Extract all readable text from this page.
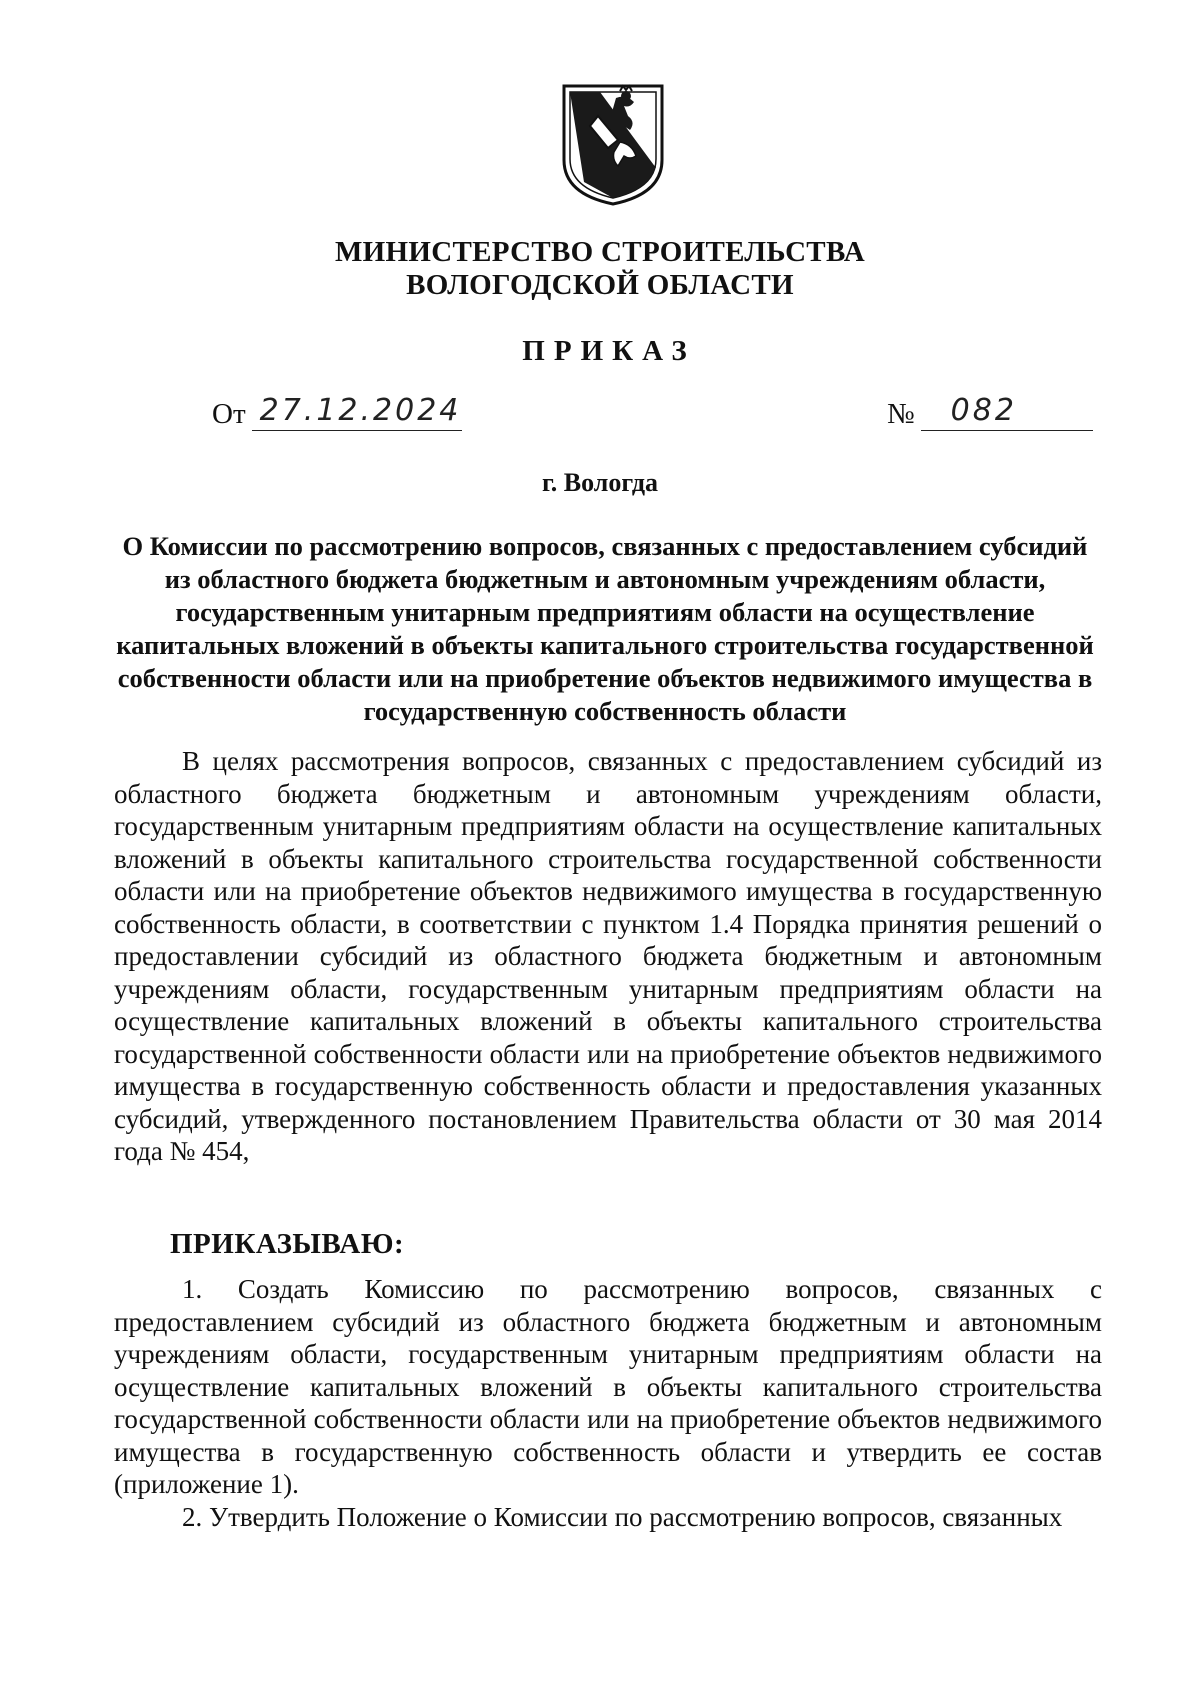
МИНИСТЕРСТВО СТРОИТЕЛЬСТВА
ВОЛОГОДСКОЙ ОБЛАСТИ
ПРИКАЗ
От 27.12.2024	№ 082
г. Вологда
О Комиссии по рассмотрению вопросов, связанных с предоставлением субсидий из областного бюджета бюджетным и автономным учреждениям области, государственным унитарным предприятиям области на осуществление капитальных вложений в объекты капитального строительства государственной собственности области или на приобретение объектов недвижимого имущества в государственную собственность области

В целях рассмотрения вопросов, связанных с предоставлением субсидий из областного бюджета бюджетным и автономным учреждениям области, государственным унитарным предприятиям области на осуществление капитальных вложений в объекты капитального строительства государственной собственности области или на приобретение объектов недвижимого имущества в государственную собственность области, в соответствии с пунктом 1.4 Порядка принятия решений о предоставлении субсидий из областного бюджета бюджетным и автономным учреждениям области, государственным унитарным предприятиям области на осуществление капитальных вложений в объекты капитального строительства государственной собственности области или на приобретение объектов недвижимого имущества в государственную собственность области и предоставления указанных субсидий, утвержденного постановлением Правительства области от 30 мая 2014 года № 454,

ПРИКАЗЫВАЮ:

1. Создать Комиссию по рассмотрению вопросов, связанных с предоставлением субсидий из областного бюджета бюджетным и автономным учреждениям области, государственным унитарным предприятиям области на осуществление капитальных вложений в объекты капитального строительства государственной собственности области или на приобретение объектов недвижимого имущества в государственную собственность области и утвердить ее состав (приложение 1).

2. Утвердить Положение о Комиссии по рассмотрению вопросов, связанных
